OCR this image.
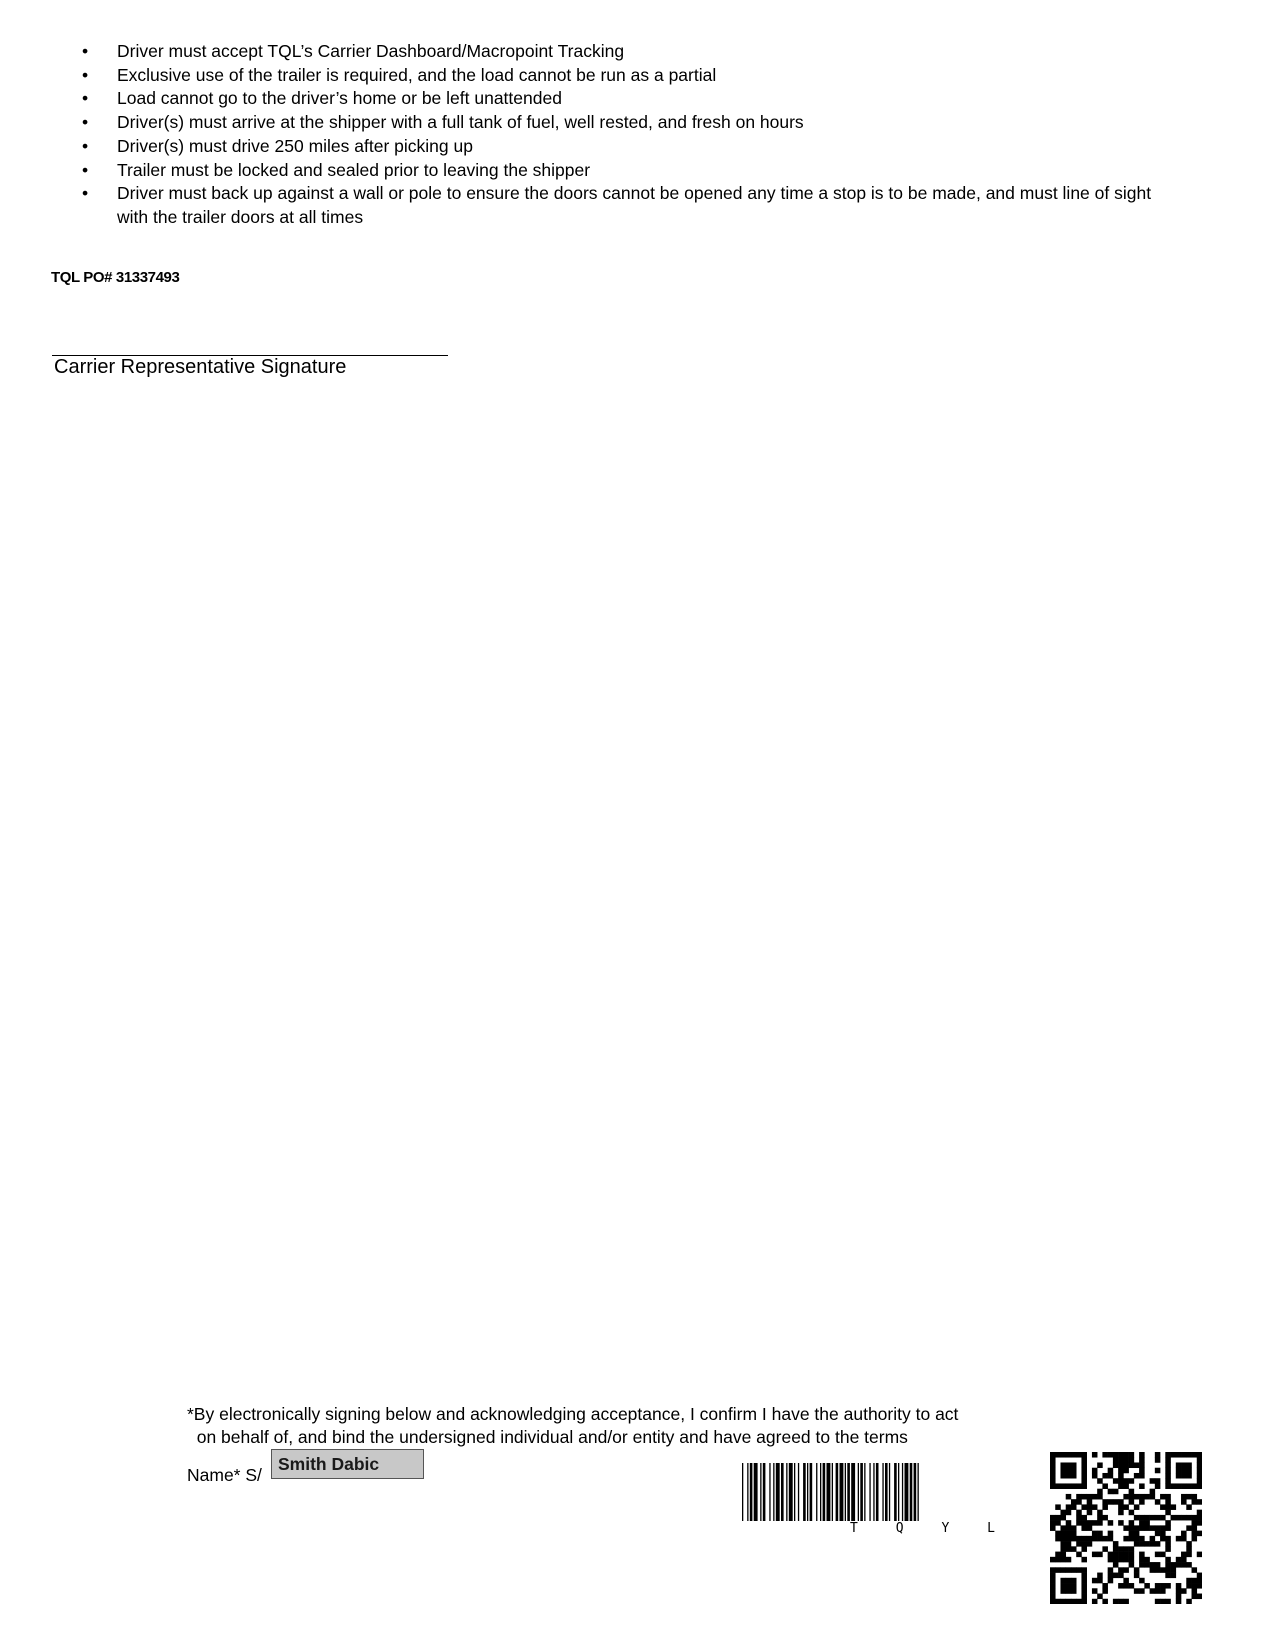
• Driver must accept TQL’s Carrier Dashboard/Macropoint Tracking
• Exclusive use of the trailer is required, and the load cannot be run as a partial
• Load cannot go to the driver’s home or be left unattended
• Driver(s) must arrive at the shipper with a full tank of fuel, well rested, and fresh on hours
• Driver(s) must drive 250 miles after picking up
• Trailer must be locked and sealed prior to leaving the shipper
• Driver must back up against a wall or pole to ensure the doors cannot be opened any time a stop is to be made, and must line of sight with the trailer doors at all times
TQL PO# 31337493
Carrier Representative Signature
*By electronically signing below and acknowledging acceptance, I confirm I have the authority to act
on behalf of, and bind the undersigned individual and/or entity and have agreed to the terms
Name* S/
Smith Dabic
T	Q	Y	L
